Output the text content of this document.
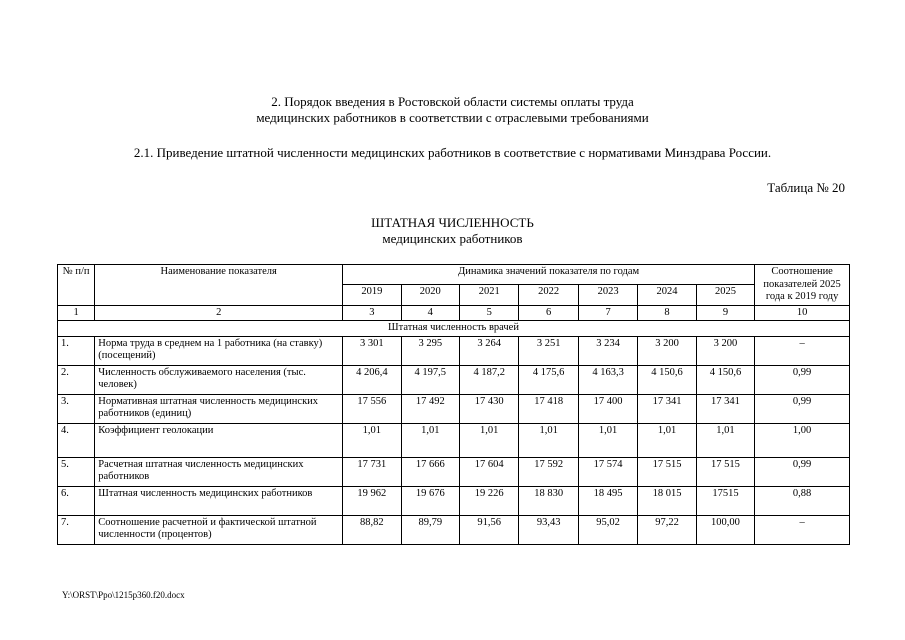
2. Порядок введения в Ростовской области системы оплаты труда
медицинских работников в соответствии с отраслевыми требованиями
2.1. Приведение штатной численности медицинских работников в соответствие с нормативами Минздрава России.
Таблица № 20
ШТАТНАЯ ЧИСЛЕННОСТЬ
медицинских работников
№ п/п	Наименование показателя	Динамика значений показателя по годам							Соотношение показателей 2025 года к 2019 году
		2019	2020	2021	2022	2023	2024	2025	
1	2	3	4	5	6	7	8	9	10
Штатная численность врачей									
1.	Норма труда в среднем на 1 работника (на ставку) (посещений)	3 301	3 295	3 264	3 251	3 234	3 200	3 200	–
2.	Численность обслуживаемого населения (тыс. человек)	4 206,4	4 197,5	4 187,2	4 175,6	4 163,3	4 150,6	4 150,6	0,99
3.	Нормативная штатная численность медицинских работников (единиц)	17 556	17 492	17 430	17 418	17 400	17 341	17 341	0,99
4.	Коэффициент геолокации	1,01	1,01	1,01	1,01	1,01	1,01	1,01	1,00
5.	Расчетная штатная численность медицинских работников	17 731	17 666	17 604	17 592	17 574	17 515	17 515	0,99
6.	Штатная численность медицинских работников	19 962	19 676	19 226	18 830	18 495	18 015	17515	0,88
7.	Соотношение расчетной и фактической штатной численности (процентов)	88,82	89,79	91,56	93,43	95,02	97,22	100,00	–
Y:\ORST\Ppo\1215p360.f20.docx
